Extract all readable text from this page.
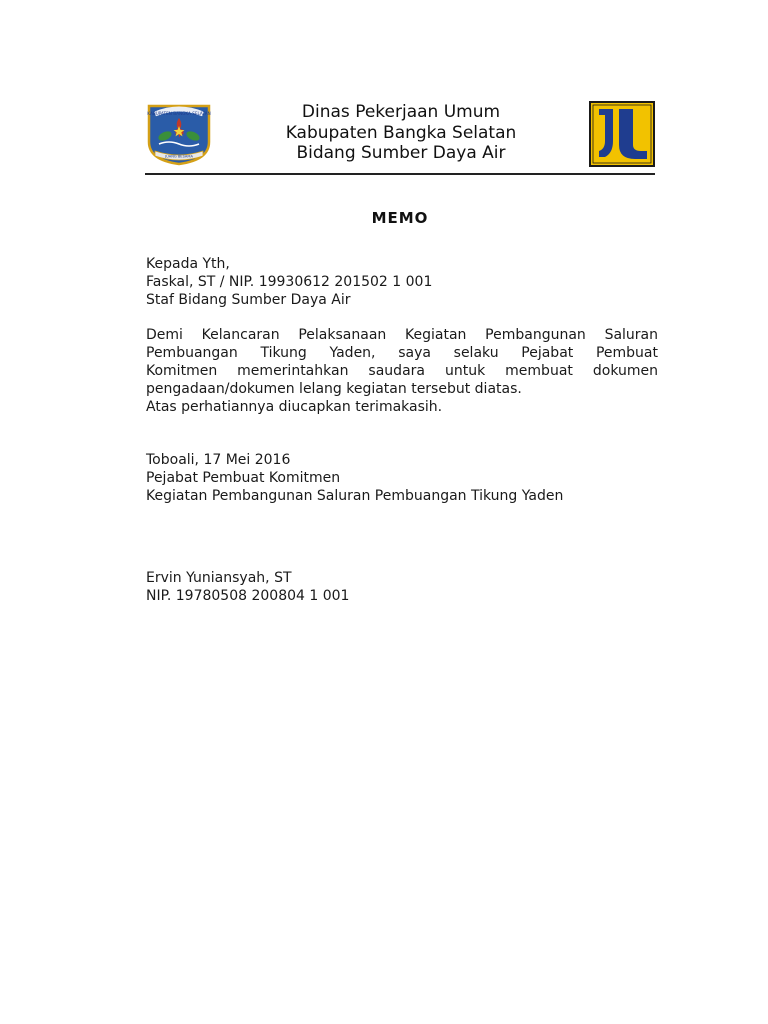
KABUPATEN BANGKA SELATAN
JUANG BESAMA
Dinas Pekerjaan Umum
Kabupaten Bangka Selatan
Bidang Sumber Daya Air
MEMO
Kepada Yth,
Faskal, ST / NIP. 19930612 201502 1 001
Staf Bidang Sumber Daya Air
Demi Kelancaran Pelaksanaan Kegiatan Pembangunan Saluran
Pembuangan Tikung Yaden, saya selaku Pejabat Pembuat
Komitmen memerintahkan saudara untuk membuat dokumen
pengadaan/dokumen lelang kegiatan tersebut diatas.
Atas perhatiannya diucapkan terimakasih.
Toboali, 17 Mei 2016
Pejabat Pembuat Komitmen
Kegiatan Pembangunan Saluran Pembuangan Tikung Yaden
Ervin Yuniansyah, ST
NIP. 19780508 200804 1 001
